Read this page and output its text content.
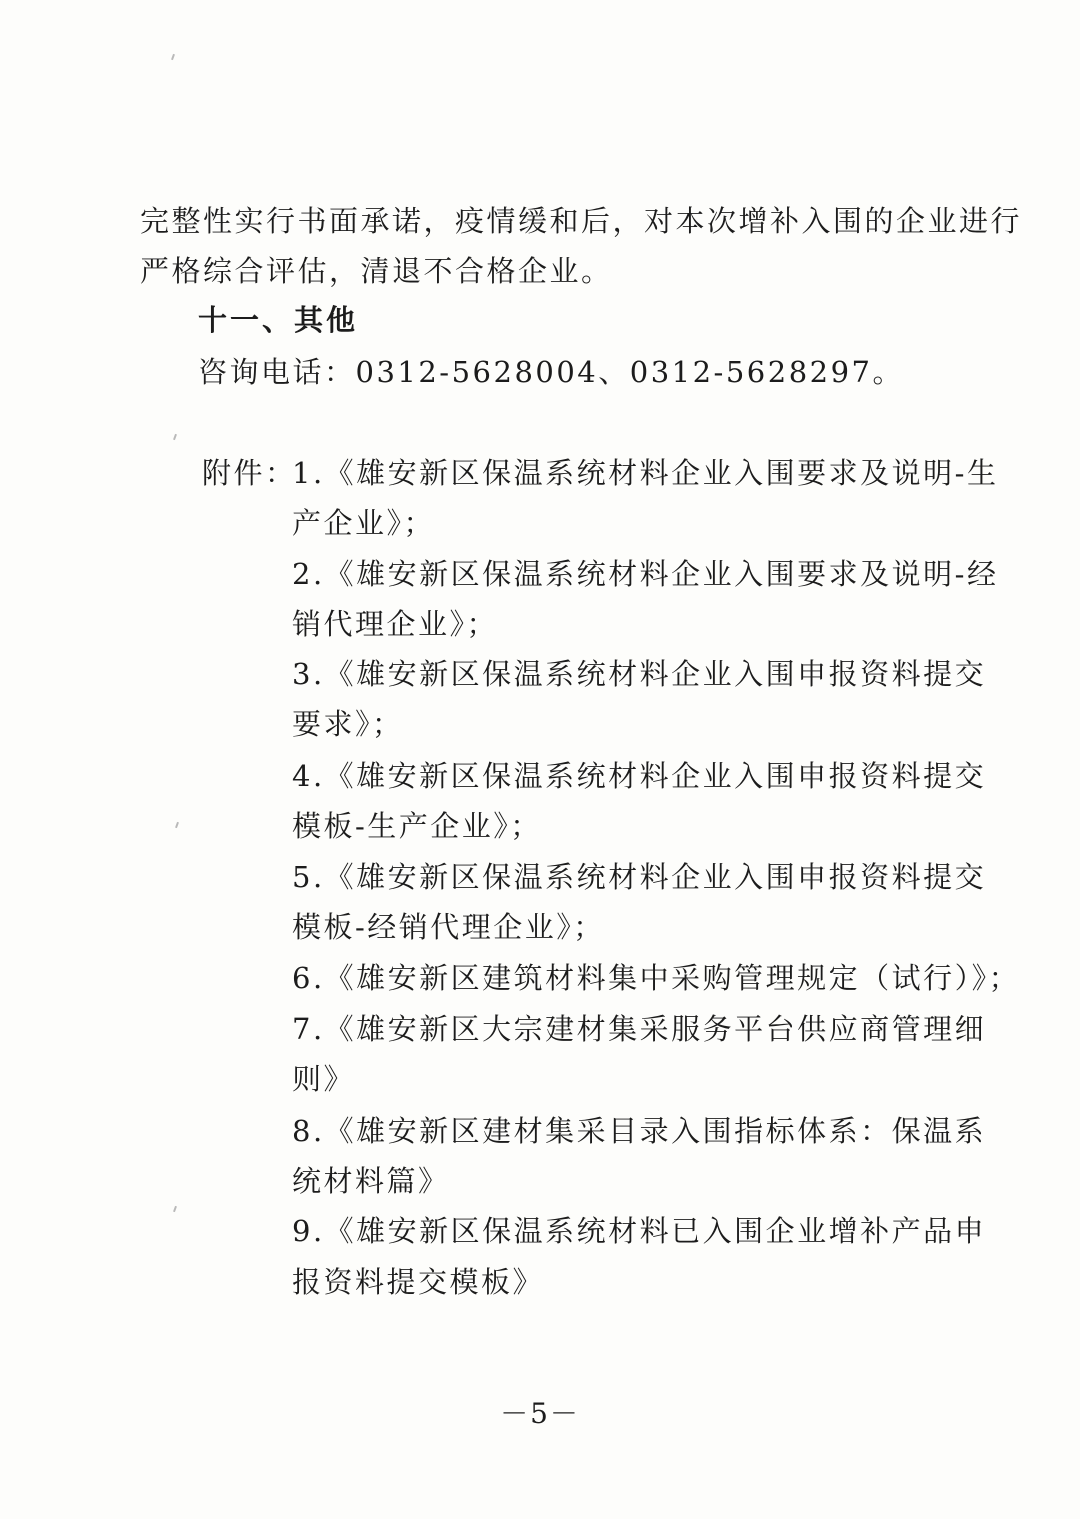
完整性实行书面承诺，疫情缓和后，对本次增补入围的企业进行
严格综合评估，清退不合格企业。
十一、其他
咨询电话：0312-5628004、0312-5628297。
附件：
1.《雄安新区保温系统材料企业入围要求及说明-生
产企业》；
2.《雄安新区保温系统材料企业入围要求及说明-经
销代理企业》；
3.《雄安新区保温系统材料企业入围申报资料提交
要求》；
4.《雄安新区保温系统材料企业入围申报资料提交
模板-生产企业》；
5.《雄安新区保温系统材料企业入围申报资料提交
模板-经销代理企业》；
6.《雄安新区建筑材料集中采购管理规定（试行）》；
7.《雄安新区大宗建材集采服务平台供应商管理细
则》
8.《雄安新区建材集采目录入围指标体系：保温系
统材料篇》
9.《雄安新区保温系统材料已入围企业增补产品申
报资料提交模板》
－5－
